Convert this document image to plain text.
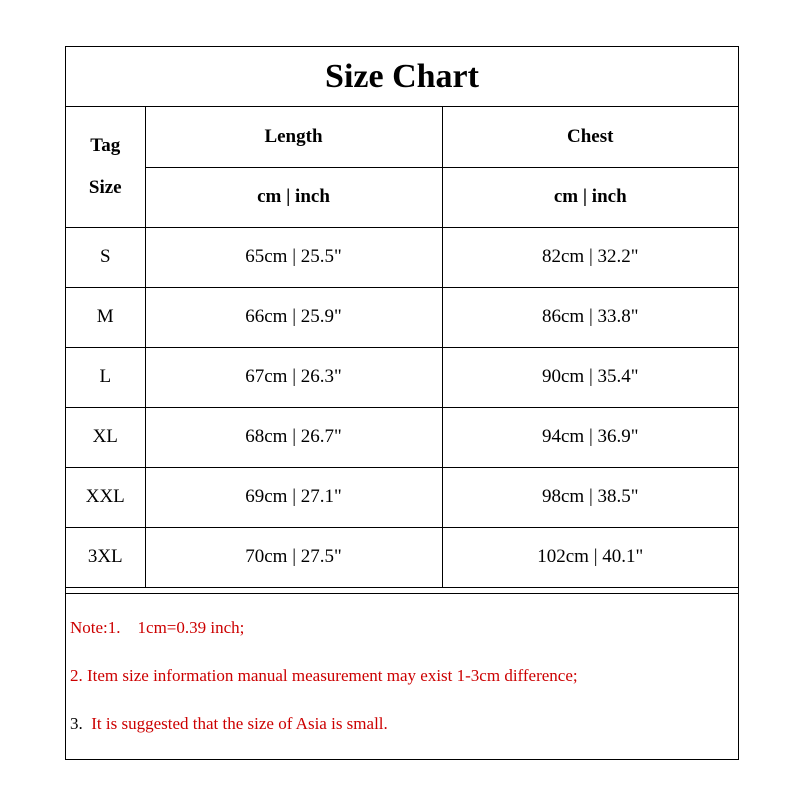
Size Chart
Tag
Size	Length	Chest
	cm | inch	cm | inch
S	65cm | 25.5"	82cm | 32.2"
M	66cm | 25.9"	86cm | 33.8"
L	67cm | 26.3"	90cm | 35.4"
XL	68cm | 26.7"	94cm | 36.9"
XXL	69cm | 27.1"	98cm | 38.5"
3XL	70cm | 27.5"	102cm | 40.1"
Note:1.    1cm=0.39 inch;
2. Item size information manual measurement may exist 1-3cm difference;
3.  It is suggested that the size of Asia is small.
